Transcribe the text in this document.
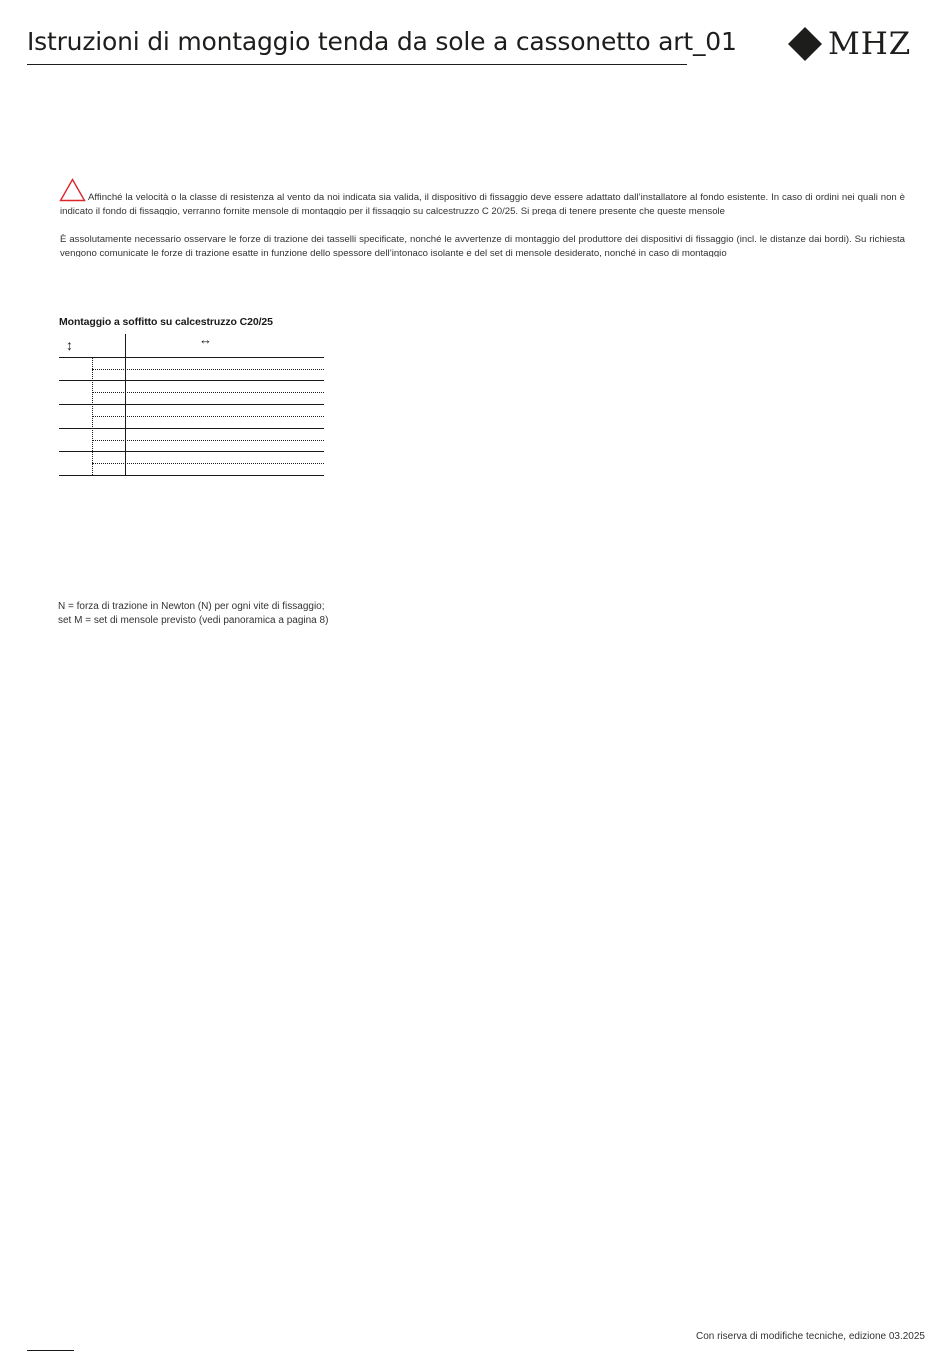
Istruzioni di montaggio tenda da sole a cassonetto art_01	MHZ
Affinché la velocità o la classe di resistenza al vento da noi indicata sia valida, il dispositivo di fissaggio deve essere adattato dall’installatore al fondo esistente. In caso di ordini nei quali non è indicato il fondo di fissaggio, verranno fornite mensole di montaggio per il fissaggio su calcestruzzo C 20/25. Si prega di tenere presente che queste mensole
È assolutamente necessario osservare le forze di trazione dei tasselli specificate, nonché le avvertenze di montaggio del produttore dei dispositivi di fissaggio (incl. le distanze dai bordi). Su richiesta vengono comunicate le forze di trazione esatte in funzione dello spessore dell’intonaco isolante e del set di mensole desiderato, nonché in caso di montaggio
Montaggio a soffitto su calcestruzzo C20/25
↕	↔
N = forza di trazione in Newton (N) per ogni vite di fissaggio;
set M = set di mensole previsto (vedi panoramica a pagina 8)
Con riserva di modifiche tecniche, edizione 03.2025
